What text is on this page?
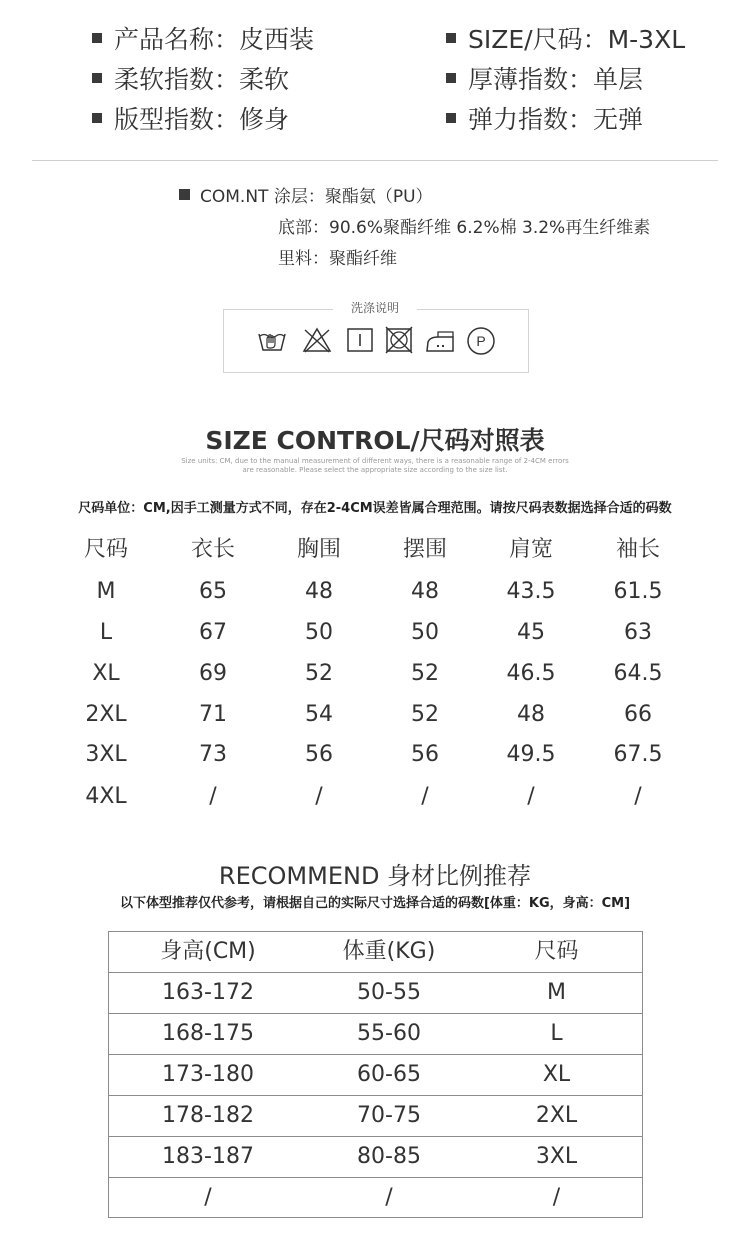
产品名称：皮西装	SIZE/尺码：M-3XL
柔软指数：柔软	厚薄指数：单层
版型指数：修身	弹力指数：无弹
COM.NT 涂层：聚酯氨（PU）
底部：90.6%聚酯纤维 6.2%棉 3.2%再生纤维素
里料：聚酯纤维
洗涤说明
P
SIZE CONTROL/尺码对照表
Size units: CM, due to the manual measurement of different ways, there is a reasonable range of 2-4CM errors
are reasonable. Please select the appropriate size according to the size list.
尺码单位：CM,因手工测量方式不同，存在2-4CM误差皆属合理范围。请按尺码表数据选择合适的码数
尺码	衣长	胸围	摆围	肩宽	袖长
M	65	48	48	43.5	61.5
L	67	50	50	45	63
XL	69	52	52	46.5	64.5
2XL	71	54	52	48	66
3XL	73	56	56	49.5	67.5
4XL	/	/	/	/	/
RECOMMEND 身材比例推荐
以下体型推荐仅代参考，请根据自己的实际尺寸选择合适的码数[体重：KG，身高：CM]
身高(CM)	体重(KG)	尺码
163-172	50-55	M
168-175	55-60	L
173-180	60-65	XL
178-182	70-75	2XL
183-187	80-85	3XL
/	/	/
